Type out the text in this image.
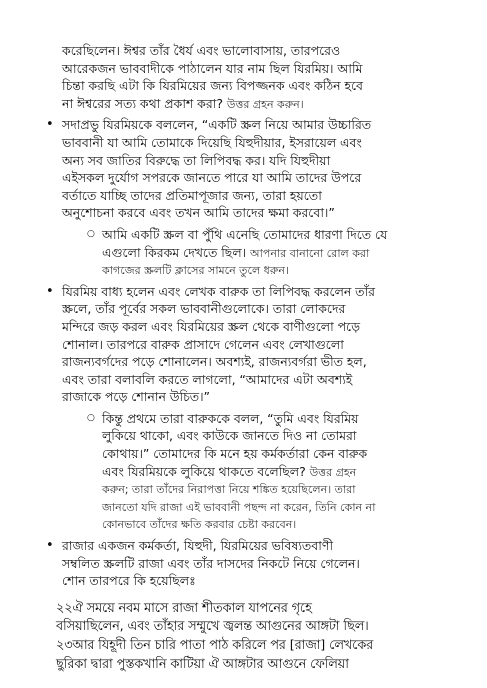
করেছিলেন। ঈশ্বর তাঁর ধৈর্য এবং ভালোবাসায়, তারপরেও
আরেকজন ভাববাদীকে পাঠালেন যার নাম ছিল যিরমিয়। আমি
চিন্তা করছি এটা কি যিরমিয়ের জন্য বিপজ্জনক এবং কঠিন হবে
না ঈশ্বরের সত্য কথা প্রকাশ করা? উত্তর গ্রহন করুন।
• সদাপ্রভু যিরমিয়কে বললেন, “একটি স্ক্রল নিয়ে আমার উচ্চারিত
ভাববানী যা আমি তোমাকে দিয়েছি যিহুদীয়ার, ইসরায়েল এবং
অন্য সব জাতির বিরুদ্ধে তা লিপিবদ্ধ কর। যদি যিহুদীয়া
এইসকল দুর্যোগ সপরকে জানতে পারে যা আমি তাদের উপরে
বর্তাতে যাচ্ছি তাদের প্রতিমাপূজার জন্য, তারা হয়তো
অনুশোচনা করবে এবং তখন আমি তাদের ক্ষমা করবো।”
○ আমি একটি স্ক্রল বা পুঁথি এনেছি তোমাদের ধারণা দিতে যে
এগুলো কিরকম দেখতে ছিল। আপনার বানানো রোল করা
কাগজের স্ক্রলটি ক্লাসের সামনে তুলে ধরুন।
• যিরমিয় বাধ্য হলেন এবং লেখক বারুক তা লিপিবদ্ধ করলেন তাঁর
স্ক্রলে, তাঁর পূর্বের সকল ভাববানীগুলোকে। তারা লোকদের
মন্দিরে জড় করল এবং যিরমিয়ের স্ক্রল থেকে বাণীগুলো পড়ে
শোনাল। তারপরে বারুক প্রাসাদে গেলেন এবং লেখাগুলো
রাজন্যবর্গদের পড়ে শোনালেন। অবশ্যই, রাজন্যবর্গরা ভীত হল,
এবং তারা বলাবলি করতে লাগলো, “আমাদের এটা অবশ্যই
রাজাকে পড়ে শোনান উচিত।”
○ কিন্তু প্রথমে তারা বারুককে বলল, “তুমি এবং যিরমিয়
লুকিয়ে থাকো, এবং কাউকে জানতে দিও না তোমরা
কোথায়।” তোমাদের কি মনে হয় কর্মকর্তারা কেন বারুক
এবং যিরমিয়কে লুকিয়ে থাকতে বলেছিল? উত্তর গ্রহন
করুন; তারা তাঁদের নিরাপত্তা নিয়ে শঙ্কিত হয়েছিলেন। তারা
জানতো যদি রাজা এই ভাববানী পছন্দ না করেন, তিনি কোন না
কোনভাবে তাঁদের ক্ষতি করবার চেষ্টা করবেন।
• রাজার একজন কর্মকর্তা, যিহুদী, যিরমিয়ের ভবিষ্যতবাণী
সম্বলিত স্ক্রলটি রাজা এবং তাঁর দাসদের নিকটে নিয়ে গেলেন।
শোন তারপরে কি হয়েছিলঃ
২২ঐ সময়ে নবম মাসে রাজা শীতকাল যাপনের গৃহে
বসিয়াছিলেন, এবং তাঁহার সম্মুখে জ্বলন্ত আগুনের আঙ্গটা ছিল।
২৩আর যিহূদী তিন চারি পাতা পাঠ করিলে পর [রাজা] লেখকের
ছুরিকা দ্বারা পুস্তকখানি কাটিয়া ঐ আঙ্গটার আগুনে ফেলিয়া
